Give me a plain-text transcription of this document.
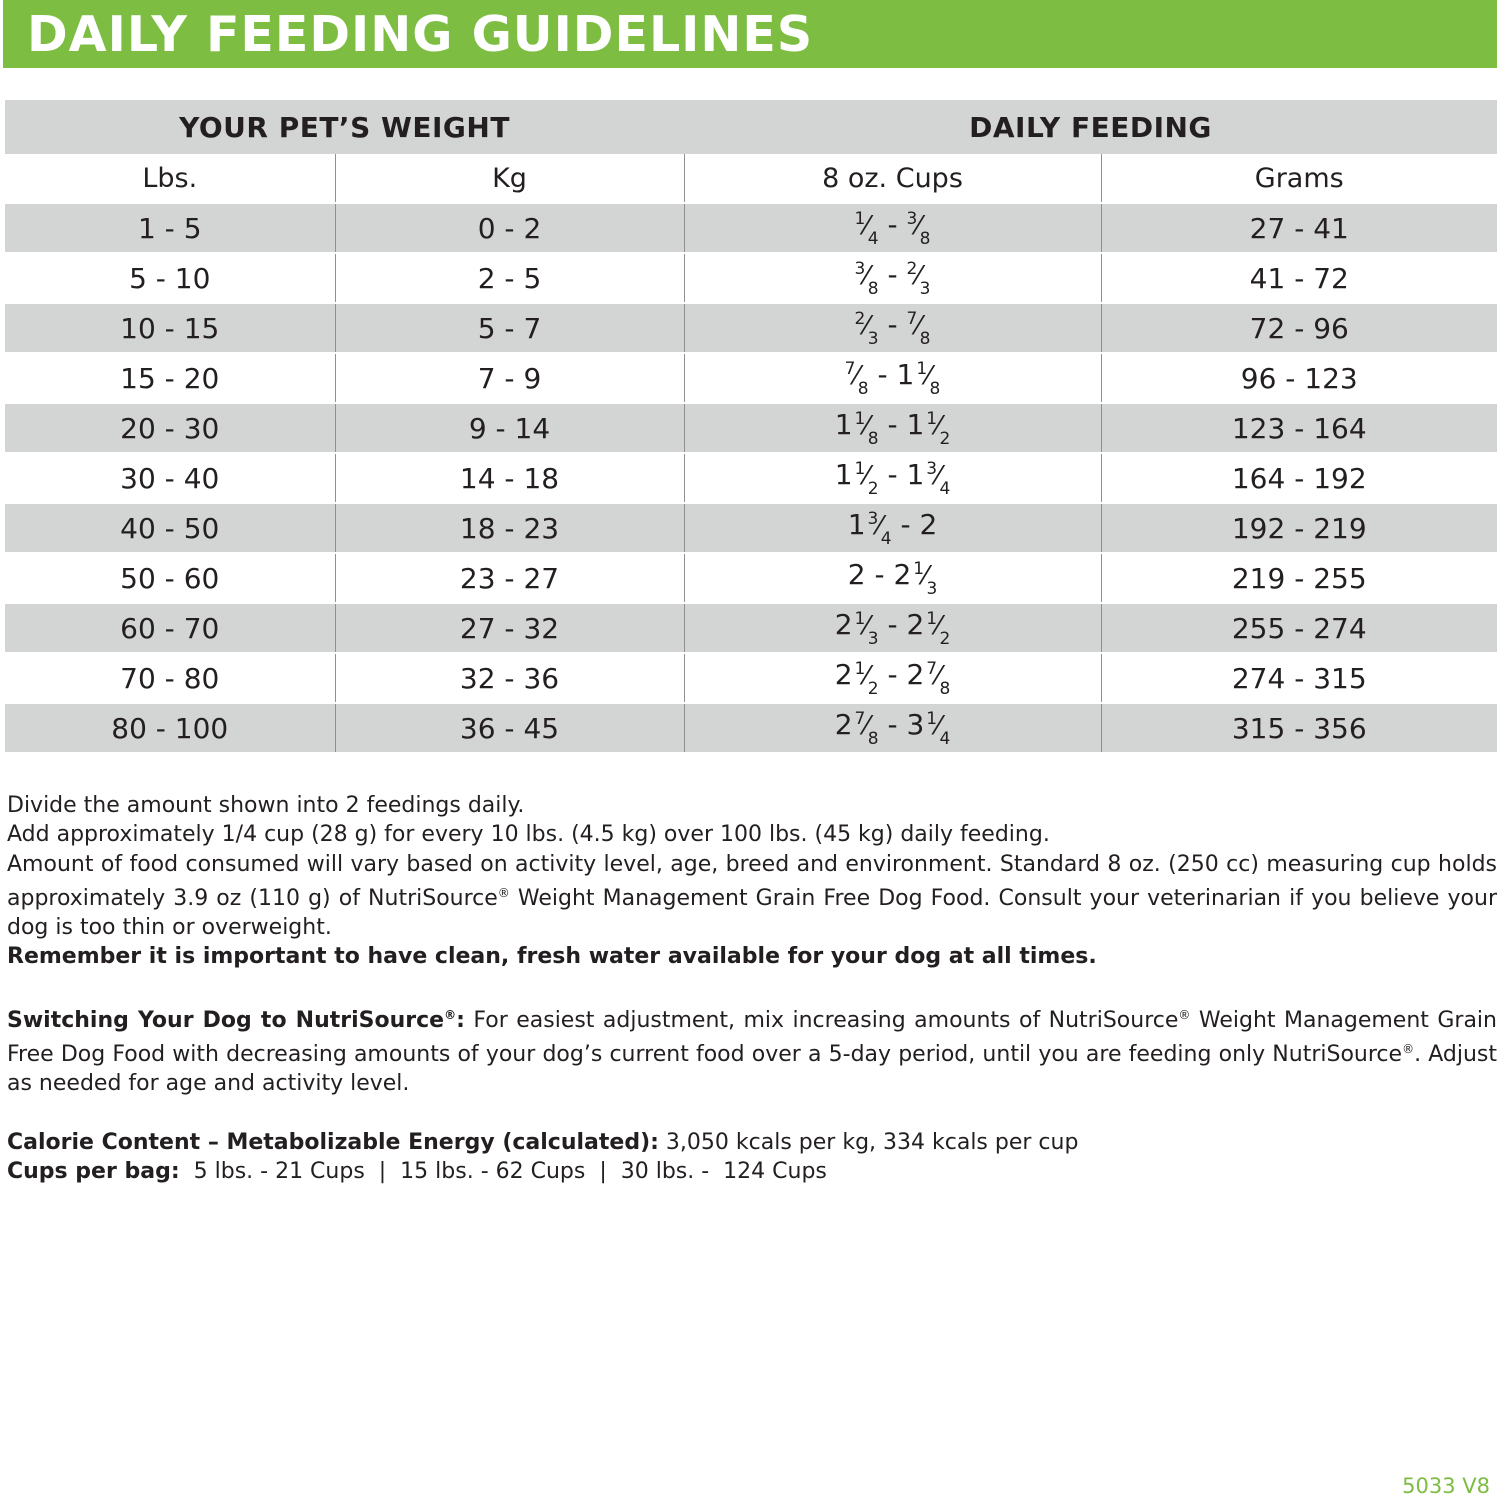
DAILY FEEDING GUIDELINES
YOUR PET’S WEIGHT		DAILY FEEDING	
Lbs.	Kg	8 oz. Cups	Grams
1 - 5	0 - 2	$^1⁄_4$ - $^3⁄_8$	27 - 41
5 - 10	2 - 5	$^3⁄_8$ - $^2⁄_3$	41 - 72
10 - 15	5 - 7	$^2⁄_3$ - $^7⁄_8$	72 - 96
15 - 20	7 - 9	$^7⁄_8 - 1$ $^1⁄_8$	96 - 123
20 - 30	9 - 14	1 $^1⁄_8 - 1$ $^1⁄_2$	123 - 164
30 - 40	14 - 18	1 $^1⁄_2 - 1$ $^3⁄_4$	164 - 192
40 - 50	18 - 23	1 $^3⁄_4 - 2$	192 - 219
50 - 60	23 - 27	2 - 2 $^1⁄_3$	219 - 255
60 - 70	27 - 32	2 $^1⁄_3 - 2$ $^1⁄_2$	255 - 274
70 - 80	32 - 36	2 $^1⁄_2 - 2$ $^7⁄_8$	274 - 315
80 - 100	36 - 45	2 $^7⁄_8 - 3$ $^1⁄_4$	315 - 356

Divide the amount shown into 2 feedings daily.

Add approximately 1/4 cup (28 g) for every 10 lbs. (4.5 kg) over 100 lbs. (45 kg) daily feeding.

Amount of food consumed will vary based on activity level, age, breed and environment. Standard 8 oz. (250 cc) measuring cup holds approximately 3.9 oz (110 g) of NutriSource® Weight Management Grain Free Dog Food. Consult your veterinarian if you believe your dog is too thin or overweight.

Remember it is important to have clean, fresh water available for your dog at all times.

Switching Your Dog to NutriSource®: For easiest adjustment, mix increasing amounts of NutriSource® Weight Management Grain Free Dog Food with decreasing amounts of your dog’s current food over a 5-day period, until you are feeding only NutriSource®. Adjust as needed for age and activity level.

Calorie Content – Metabolizable Energy (calculated): 3,050 kcals per kg, 334 kcals per cup

Cups per bag:  5 lbs. - 21 Cups  |  15 lbs. - 62 Cups  |  30 lbs. -  124 Cups

5033 V8
